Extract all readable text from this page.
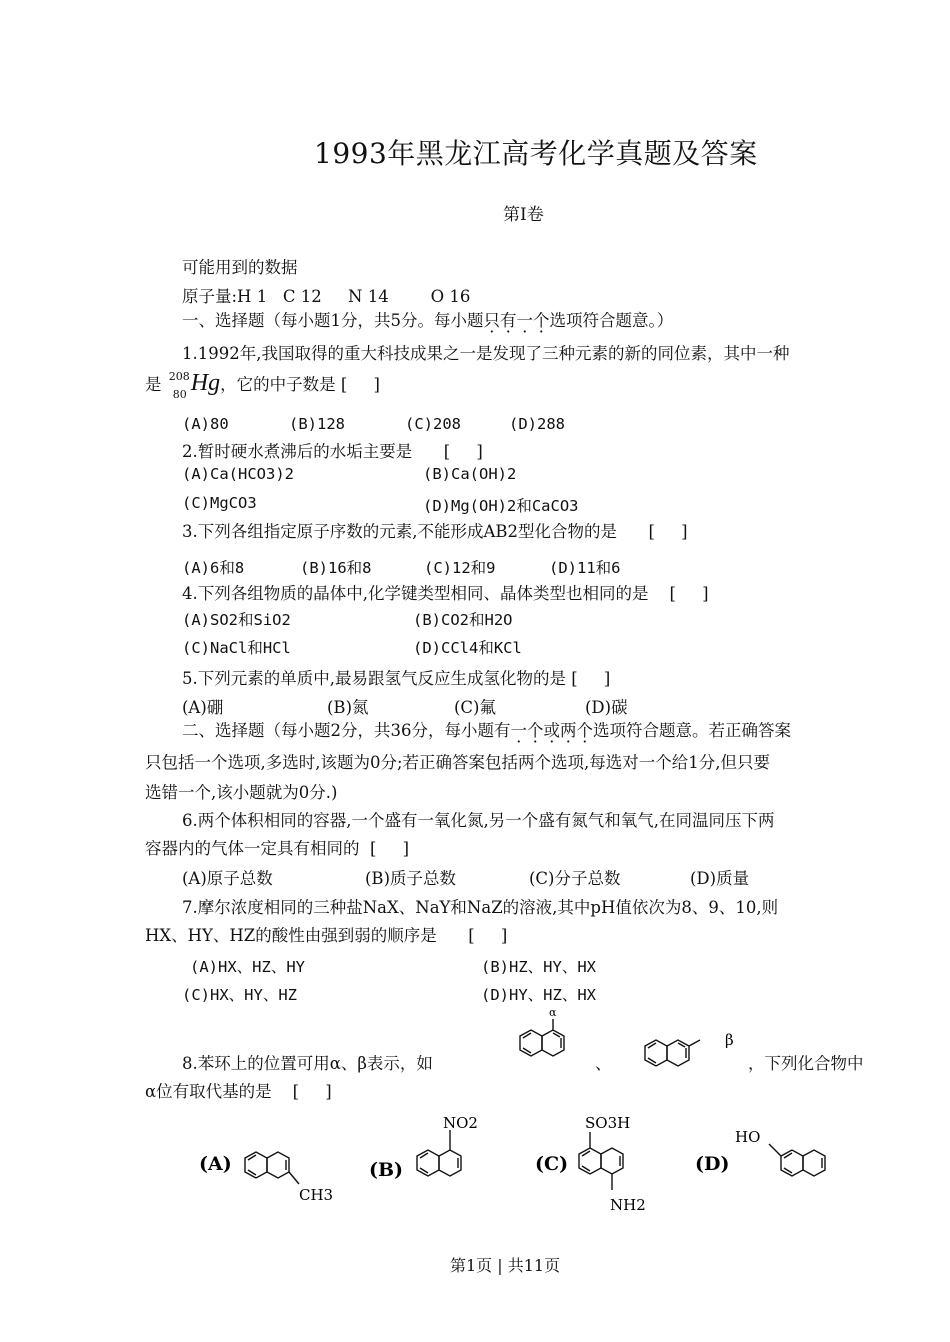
1993年黑龙江高考化学真题及答案
第Ⅰ卷
可能用到的数据
原子量:H 1   C 12     N 14        O 16
一、选择题（每小题1分，共5分。每小题只有一个选项符合题意。）
1.1992年,我国取得的重大科技成果之一是发现了三种元素的新的同位素，其中一种
是 208
80 Hg，它的中子数是 [     ]
(A)80	(B)128	(C)208	(D)288
2.暂时硬水煮沸后的水垢主要是      [     ]
(A)Ca(HCO3)2	(B)Ca(OH)2
(C)MgCO3	(D)Mg(OH)2和CaCO3
3.下列各组指定原子序数的元素,不能形成AB2型化合物的是      [     ]
(A)6和8	(B)16和8	(C)12和9	(D)11和6
4.下列各组物质的晶体中,化学键类型相同、晶体类型也相同的是    [     ]
(A)SO2和SiO2	(B)CO2和H2O
(C)NaCl和HCl	(D)CCl4和KCl
5.下列元素的单质中,最易跟氢气反应生成氢化物的是 [     ]
(A)硼	(B)氮	(C)氟	(D)碳
二、选择题（每小题2分，共36分，每小题有一个或两个选项符合题意。若正确答案
只包括一个选项,多选时,该题为0分;若正确答案包括两个选项,每选对一个给1分,但只要
选错一个,该小题就为0分.)
6.两个体积相同的容器,一个盛有一氧化氮,另一个盛有氮气和氧气,在同温同压下两
容器内的气体一定具有相同的  [     ]
(A)原子总数	(B)质子总数	(C)分子总数	(D)质量
7.摩尔浓度相同的三种盐NaX、NaY和NaZ的溶液,其中pH值依次为8、9、10,则
HX、HY、HZ的酸性由强到弱的顺序是      [     ]
(A)HX、HZ、HY	(B)HZ、HY、HX
(C)HX、HY、HZ	(D)HY、HZ、HX
8.苯环上的位置可用α、β表示，如	、	，下列化合物中
α位有取代基的是    [     ]
α
β
(A)
CH3
(B)
NO2
(C)
SO3H
NH2
(D)
HO
第1页 | 共11页
